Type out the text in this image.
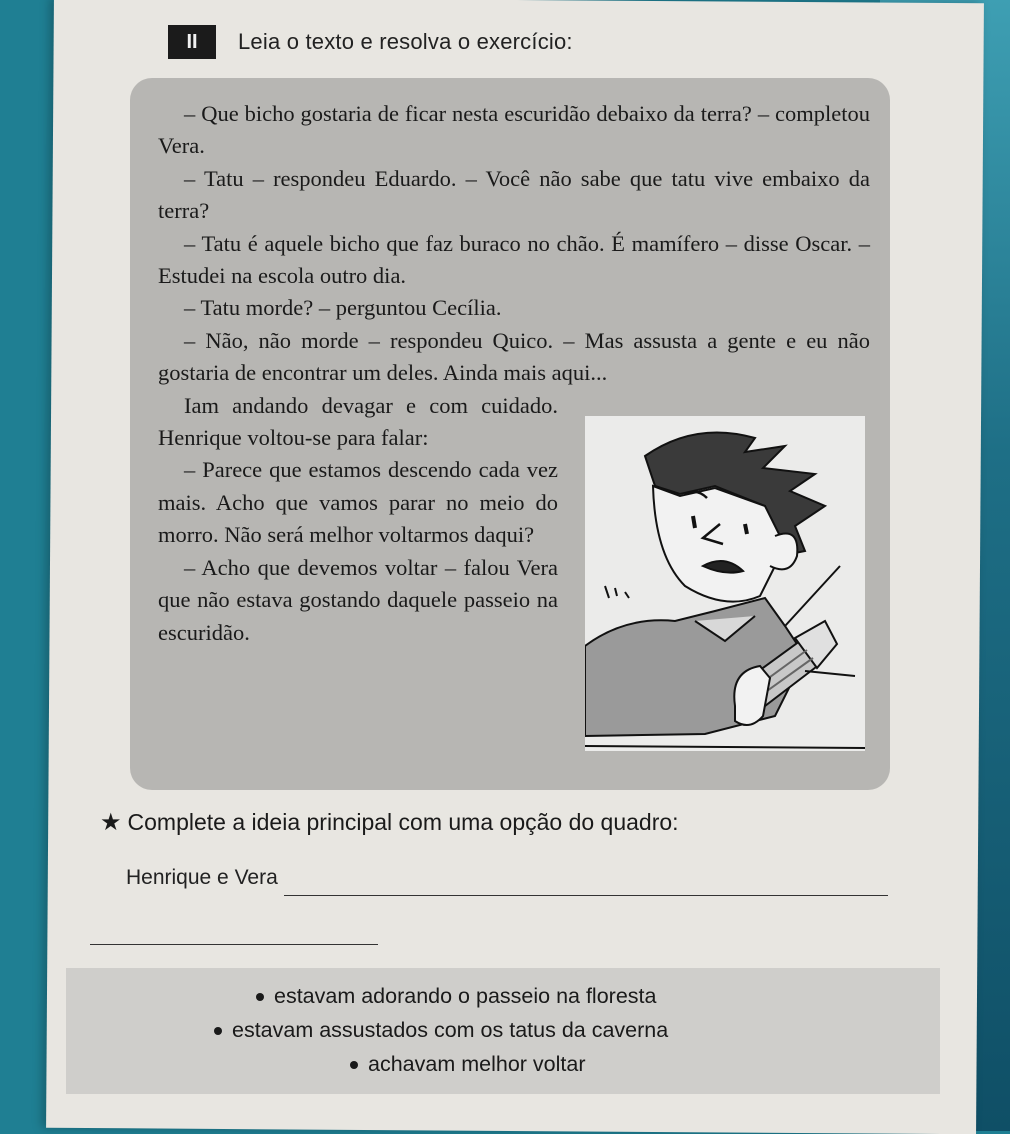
II	Leia o texto e resolva o exercício:

– Que bicho gostaria de ficar nesta escuridão debaixo da terra? – completou Vera.

– Tatu – respondeu Eduardo. – Você não sabe que tatu vive embaixo da terra?

– Tatu é aquele bicho que faz buraco no chão. É mamífero – disse Oscar. – Estudei na escola outro dia.

– Tatu morde? – perguntou Cecília.

– Não, não morde – respondeu Quico. – Mas assusta a gente e eu não gostaria de encontrar um deles. Ainda mais aqui...

Iam andando devagar e com cuidado. Henrique voltou-se para falar:

– Parece que estamos descendo cada vez mais. Acho que vamos parar no meio do morro. Não será melhor voltarmos daqui?

– Acho que devemos voltar – falou Vera que não estava gostando daquele passeio na escuridão.

★ Complete a ideia principal com uma opção do quadro:
Henrique e Vera
estavam adorando o passeio na floresta
estavam assustados com os tatus da caverna
achavam melhor voltar
